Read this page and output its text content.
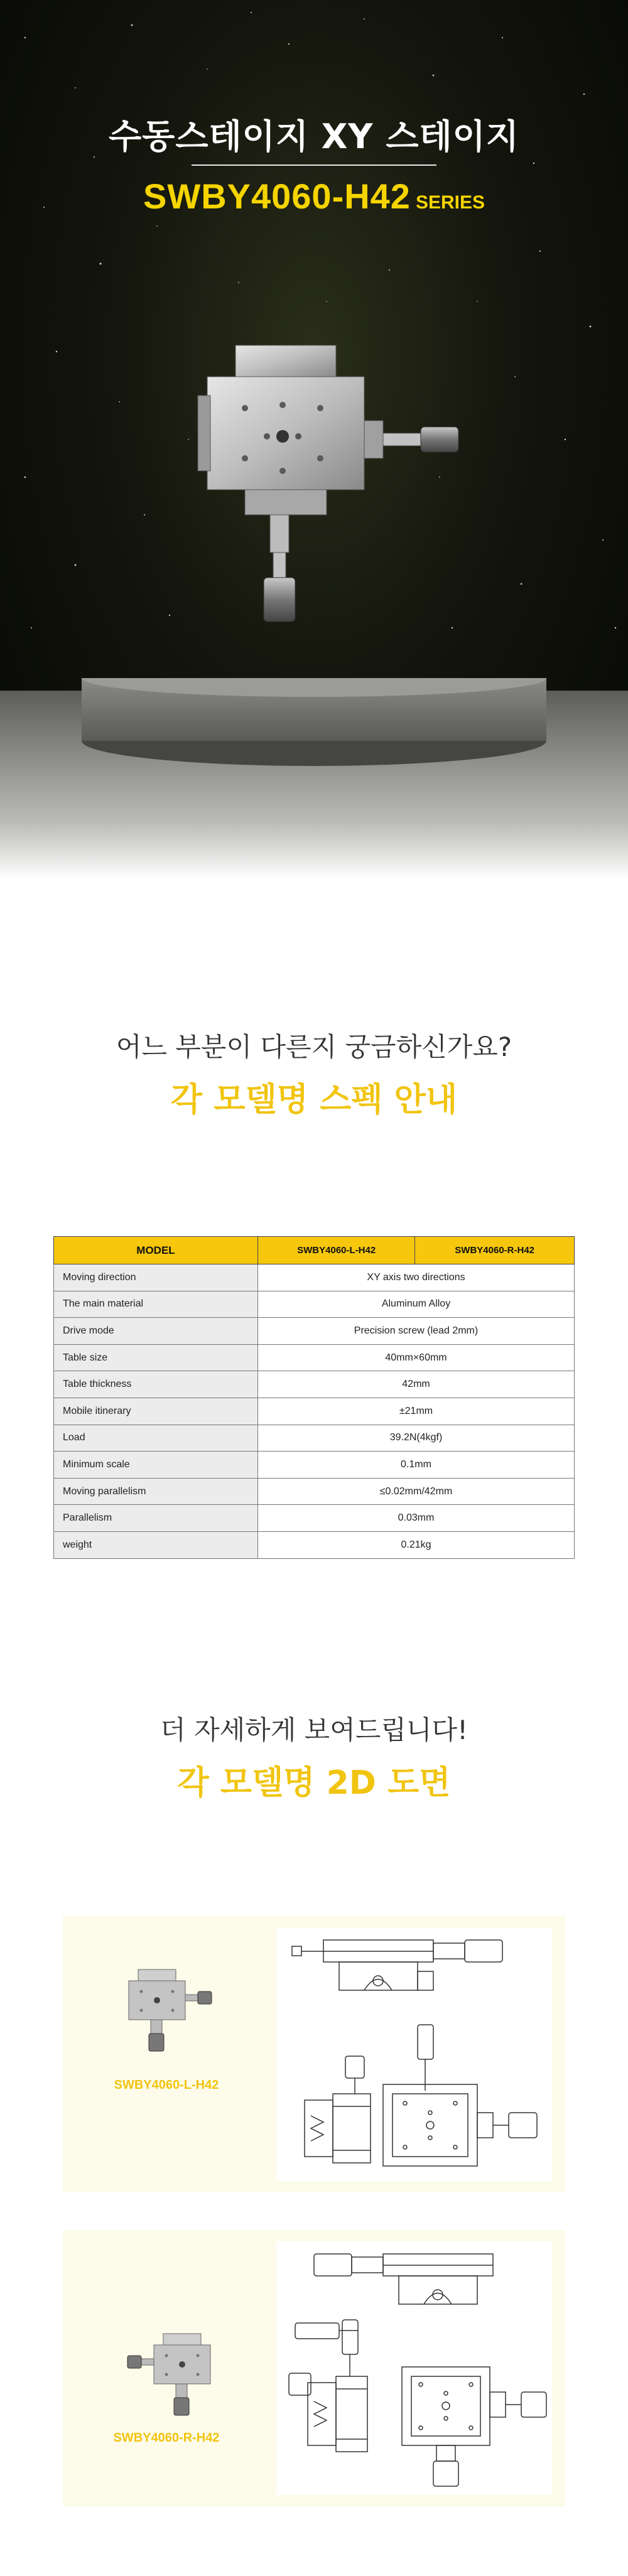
수동스테이지 XY 스테이지
SWBY4060-H42 SERIES
어느 부분이 다른지 궁금하신가요?
각 모델명 스펙 안내
MODEL	SWBY4060-L-H42	SWBY4060-R-H42
Moving direction	XY axis two directions	
The main material	Aluminum Alloy	
Drive mode	Precision screw (lead 2mm)	
Table size	40mm×60mm	
Table thickness	42mm	
Mobile itinerary	±21mm	
Load	39.2N(4kgf)	
Minimum scale	0.1mm	
Moving parallelism	≤0.02mm/42mm	
Parallelism	0.03mm	
weight	0.21kg	
더 자세하게 보여드립니다!
각 모델명 2D 도면
SWBY4060-L-H42
SWBY4060-R-H42
